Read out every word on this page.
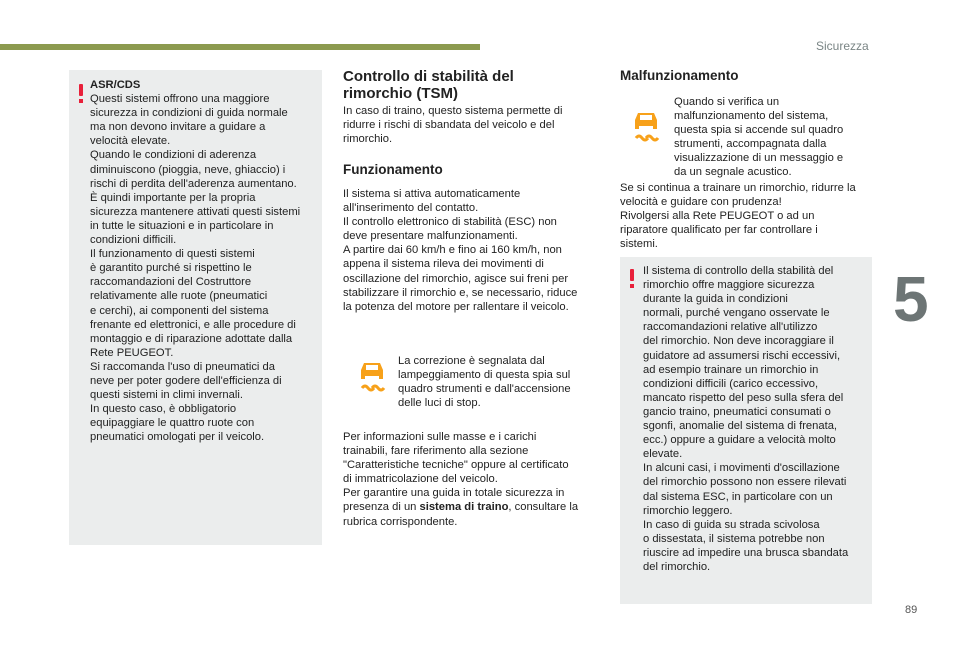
Sicurezza
5
89
ASR/CDS
Questi sistemi offrono una maggiore
sicurezza in condizioni di guida normale
ma non devono invitare a guidare a
velocità elevate.
Quando le condizioni di aderenza
diminuiscono (pioggia, neve, ghiaccio) i
rischi di perdita dell'aderenza aumentano.
È quindi importante per la propria
sicurezza mantenere attivati questi sistemi
in tutte le situazioni e in particolare in
condizioni difficili.
Il funzionamento di questi sistemi
è garantito purché si rispettino le
raccomandazioni del Costruttore
relativamente alle ruote (pneumatici
e cerchi), ai componenti del sistema
frenante ed elettronici, e alle procedure di
montaggio e di riparazione adottate dalla
Rete PEUGEOT.
Si raccomanda l'uso di pneumatici da
neve per poter godere dell'efficienza di
questi sistemi in climi invernali.
In questo caso, è obbligatorio
equipaggiare le quattro ruote con
pneumatici omologati per il veicolo.
Controllo di stabilità del
rimorchio (TSM)
In caso di traino, questo sistema permette di
ridurre i rischi di sbandata del veicolo e del
rimorchio.
Funzionamento
Il sistema si attiva automaticamente
all'inserimento del contatto.
Il controllo elettronico di stabilità (ESC) non
deve presentare malfunzionamenti.
A partire dai 60 km/h e fino ai 160 km/h, non
appena il sistema rileva dei movimenti di
oscillazione del rimorchio, agisce sui freni per
stabilizzare il rimorchio e, se necessario, riduce
la potenza del motore per rallentare il veicolo.
La correzione è segnalata dal
lampeggiamento di questa spia sul
quadro strumenti e dall'accensione
delle luci di stop.
Per informazioni sulle masse e i carichi
trainabili, fare riferimento alla sezione
"Caratteristiche tecniche" oppure al certificato
di immatricolazione del veicolo.
Per garantire una guida in totale sicurezza in
presenza di un sistema di traino, consultare la
rubrica corrispondente.
Malfunzionamento
Quando si verifica un
malfunzionamento del sistema,
questa spia si accende sul quadro
strumenti, accompagnata dalla
visualizzazione di un messaggio e
da un segnale acustico.
Se si continua a trainare un rimorchio, ridurre la
velocità e guidare con prudenza!
Rivolgersi alla Rete PEUGEOT o ad un
riparatore qualificato per far controllare i
sistemi.
Il sistema di controllo della stabilità del
rimorchio offre maggiore sicurezza
durante la guida in condizioni
normali, purché vengano osservate le
raccomandazioni relative all'utilizzo
del rimorchio. Non deve incoraggiare il
guidatore ad assumersi rischi eccessivi,
ad esempio trainare un rimorchio in
condizioni difficili (carico eccessivo,
mancato rispetto del peso sulla sfera del
gancio traino, pneumatici consumati o
sgonfi, anomalie del sistema di frenata,
ecc.) oppure a guidare a velocità molto
elevate.
In alcuni casi, i movimenti d'oscillazione
del rimorchio possono non essere rilevati
dal sistema ESC, in particolare con un
rimorchio leggero.
In caso di guida su strada scivolosa
o dissestata, il sistema potrebbe non
riuscire ad impedire una brusca sbandata
del rimorchio.
